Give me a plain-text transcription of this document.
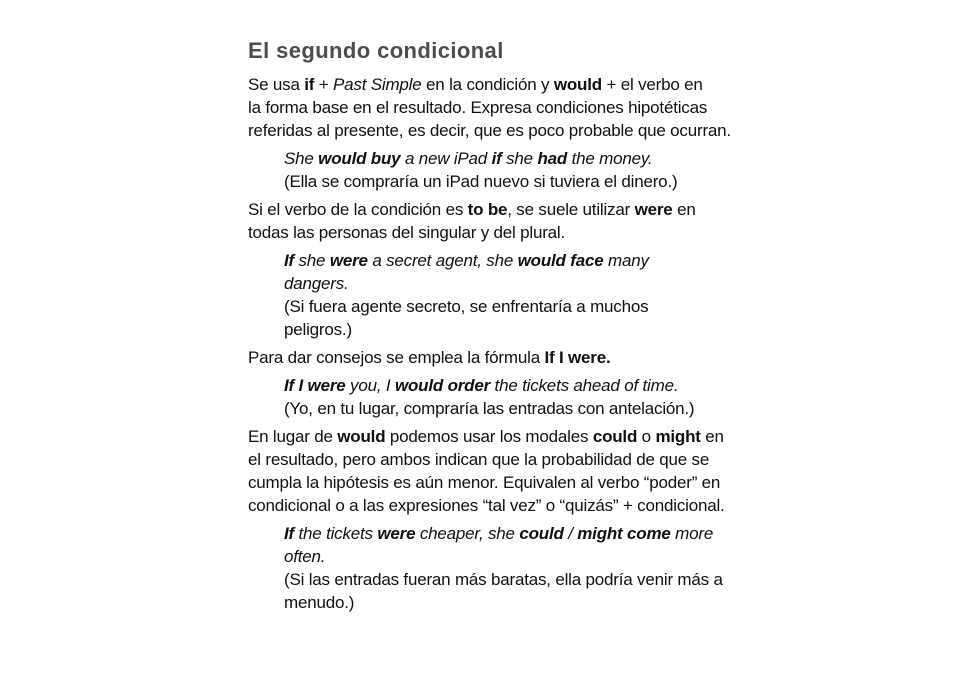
El segundo condicional
Se usa if + Past Simple en la condición y would + el verbo en
la forma base en el resultado. Expresa condiciones hipotéticas
referidas al presente, es decir, que es poco probable que ocurran.
She would buy a new iPad if she had the money.
(Ella se compraría un iPad nuevo si tuviera el dinero.)
Si el verbo de la condición es to be, se suele utilizar were en
todas las personas del singular y del plural.
If she were a secret agent, she would face many
dangers.
(Si fuera agente secreto, se enfrentaría a muchos
peligros.)
Para dar consejos se emplea la fórmula If I were.
If I were you, I would order the tickets ahead of time.
(Yo, en tu lugar, compraría las entradas con antelación.)
En lugar de would podemos usar los modales could o might en
el resultado, pero ambos indican que la probabilidad de que se
cumpla la hipótesis es aún menor. Equivalen al verbo “poder” en
condicional o a las expresiones “tal vez” o “quizás” + condicional.
If the tickets were cheaper, she could / might come more
often.
(Si las entradas fueran más baratas, ella podría venir más a
menudo.)
